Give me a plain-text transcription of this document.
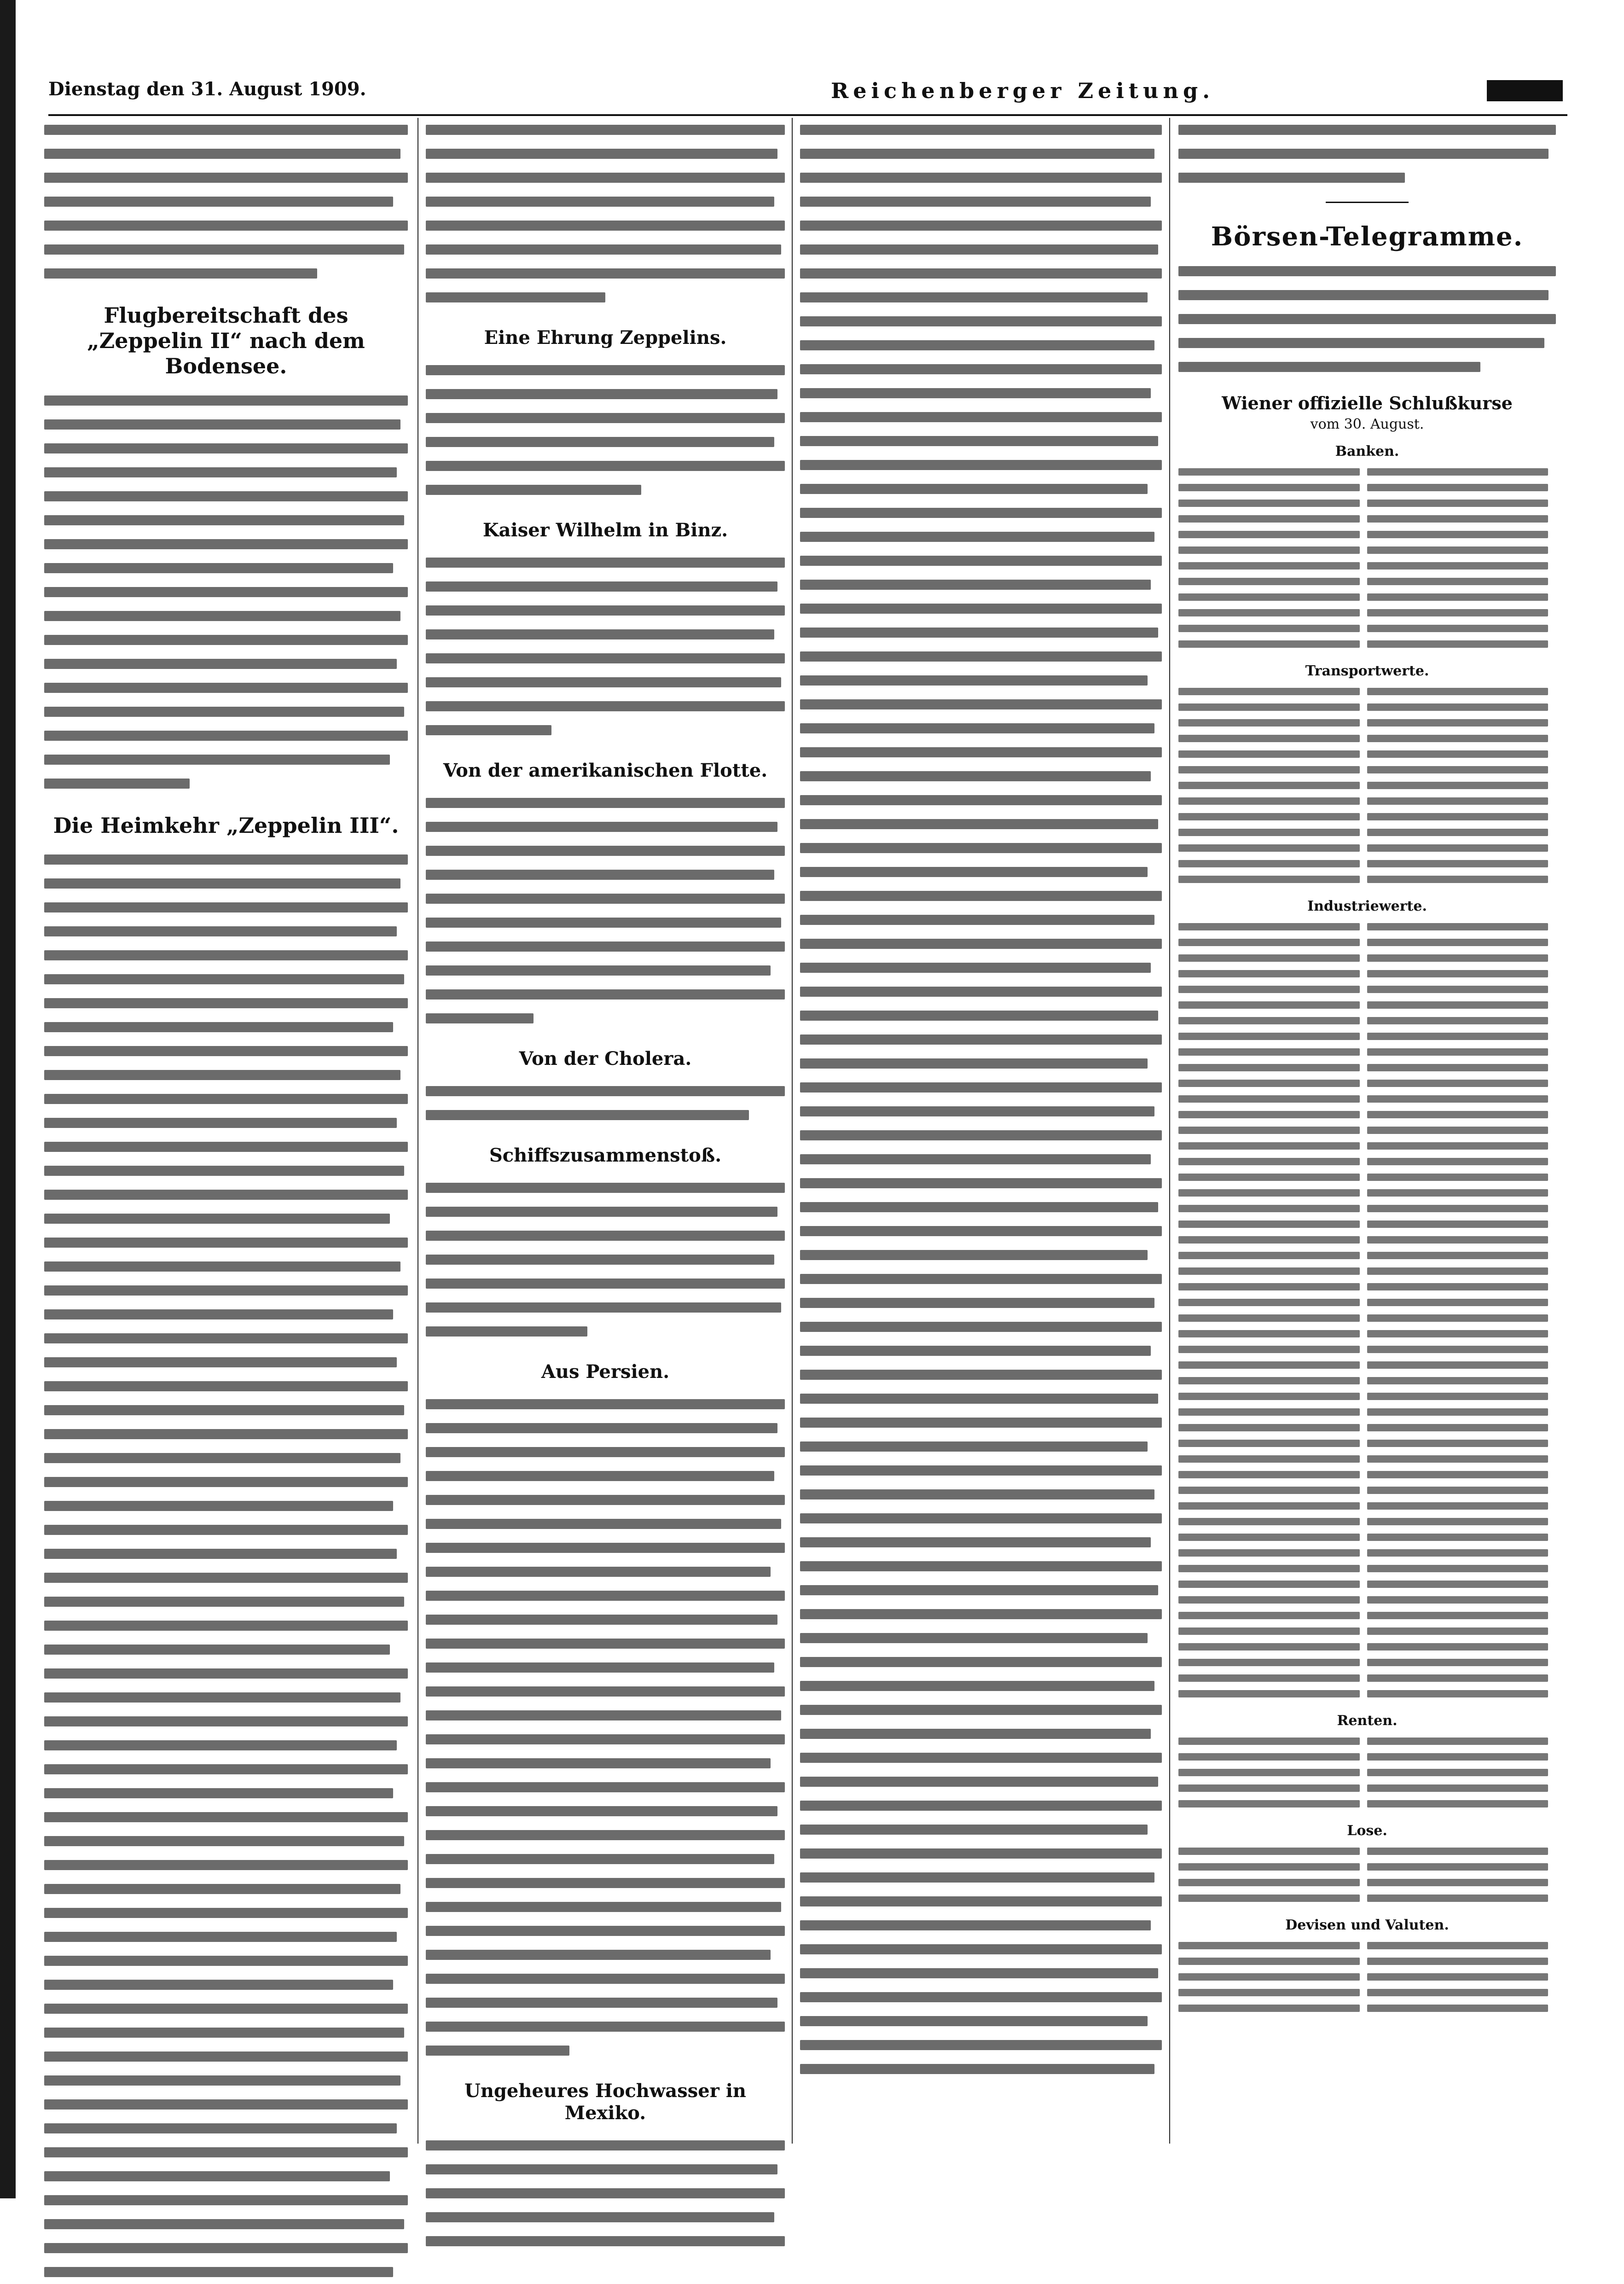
Dienstag den 31. August 1909.	Reichenberger Zeitung.
Flugbereitschaft des „Zeppelin II“ nach dem Bodensee.
Die Heimkehr „Zeppelin III“.
Eine Ehrung Zeppelins.
Kaiser Wilhelm in Binz.
Von der amerikanischen Flotte.
Von der Cholera.
Schiffszusammenstoß.
Aus Persien.
Ungeheures Hochwasser in Mexiko.
Börsen-Telegramme.
Wiener offizielle Schlußkurse
vom 30. August.
Banken.
Transportwerte.
Industriewerte.
Renten.
Lose.
Devisen und Valuten.
